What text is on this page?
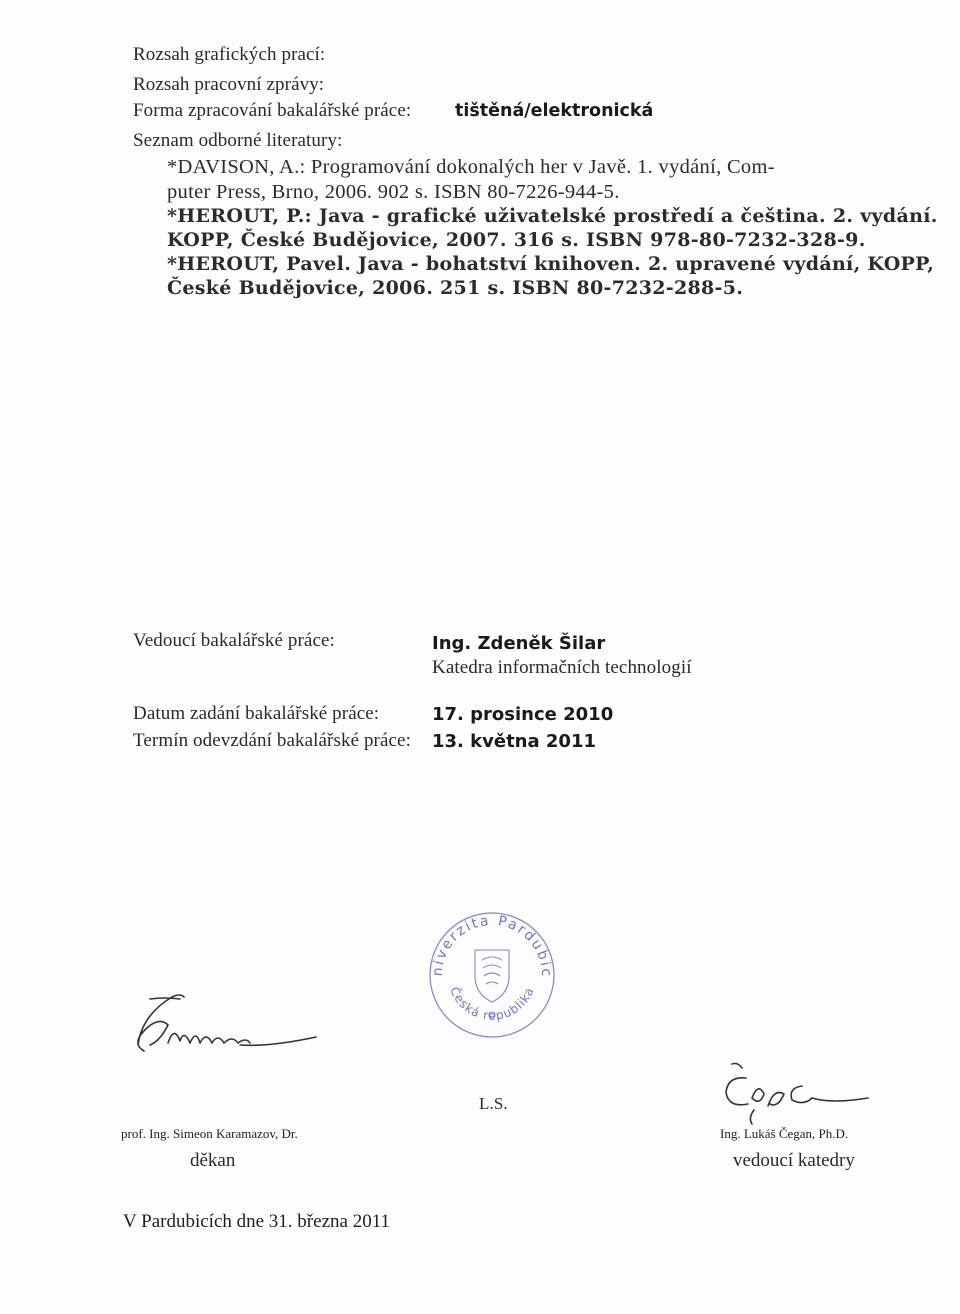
Rozsah grafických prací:
Rozsah pracovní zprávy:
Forma zpracování bakalářské práce:	tištěná/elektronická
Seznam odborné literatury:
*DAVISON, A.: Programování dokonalých her v Javě. 1. vydání, Com-
puter Press, Brno, 2006. 902 s. ISBN 80-7226-944-5.
*HEROUT, P.: Java - grafické uživatelské prostředí a čeština. 2. vydání.
KOPP, České Budějovice, 2007. 316 s. ISBN 978-80-7232-328-9.
*HEROUT, Pavel. Java - bohatství knihoven. 2. upravené vydání, KOPP,
České Budějovice, 2006. 251 s. ISBN 80-7232-288-5.
Vedoucí bakalářské práce:	Ing. Zdeněk Šilar
Katedra informačních technologií
Datum zadání bakalářské práce:	17. prosince 2010
Termín odevzdání bakalářské práce: 13. května 2011
Univerzita Pardubice
Česká republika
prof. Ing. Simeon Karamazov, Dr.
děkan
L.S.
Ing. Lukáš Čegan, Ph.D.
vedoucí katedry
V Pardubicích dne 31. března 2011
